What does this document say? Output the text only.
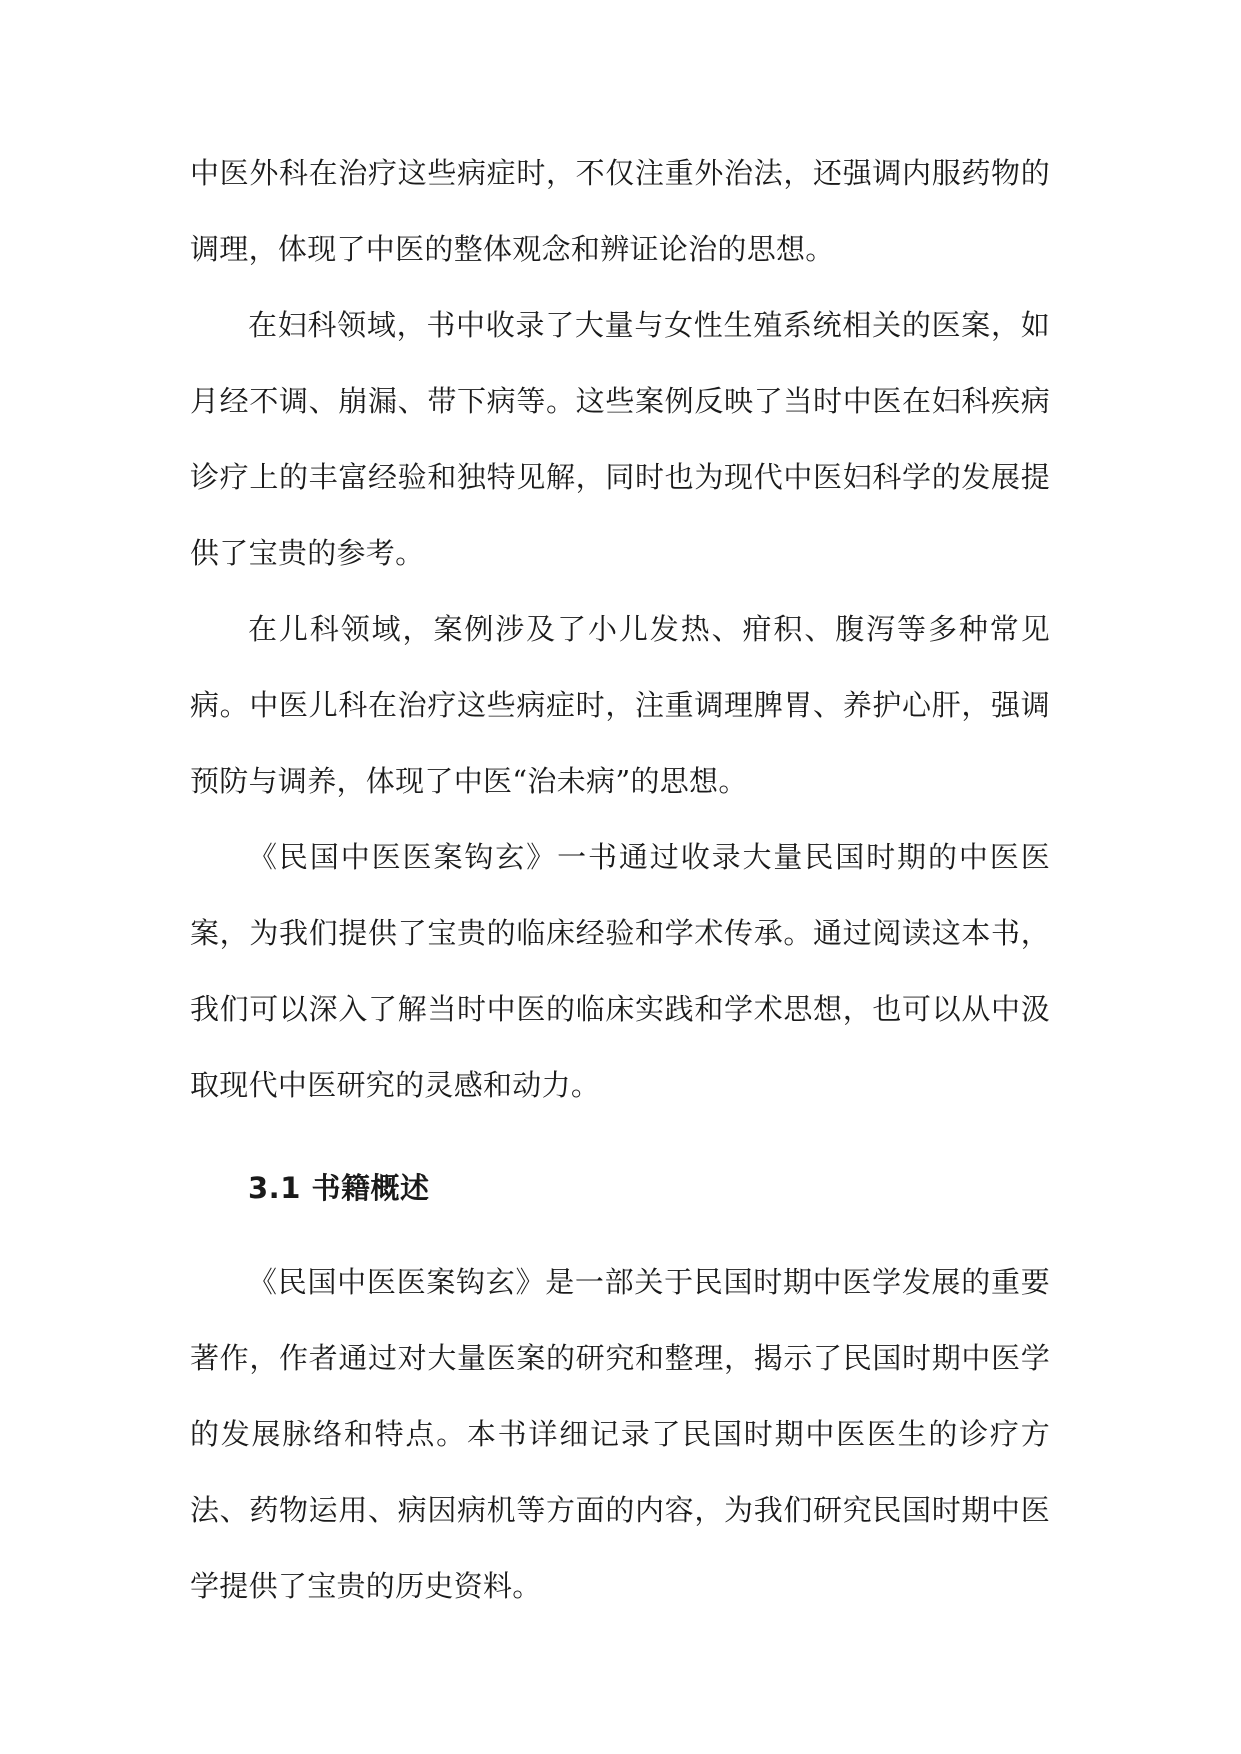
中医外科在治疗这些病症时，不仅注重外治法，还强调内服药物的调理，体现了中医的整体观念和辨证论治的思想。

在妇科领域，书中收录了大量与女性生殖系统相关的医案，如月经不调、崩漏、带下病等。这些案例反映了当时中医在妇科疾病诊疗上的丰富经验和独特见解，同时也为现代中医妇科学的发展提供了宝贵的参考。

在儿科领域，案例涉及了小儿发热、疳积、腹泻等多种常见病。中医儿科在治疗这些病症时，注重调理脾胃、养护心肝，强调预防与调养，体现了中医“治未病”的思想。

《民国中医医案钩玄》一书通过收录大量民国时期的中医医案，为我们提供了宝贵的临床经验和学术传承。通过阅读这本书，我们可以深入了解当时中医的临床实践和学术思想，也可以从中汲取现代中医研究的灵感和动力。

3.1 书籍概述

《民国中医医案钩玄》是一部关于民国时期中医学发展的重要著作，作者通过对大量医案的研究和整理，揭示了民国时期中医学的发展脉络和特点。本书详细记录了民国时期中医医生的诊疗方法、药物运用、病因病机等方面的内容，为我们研究民国时期中医学提供了宝贵的历史资料。
